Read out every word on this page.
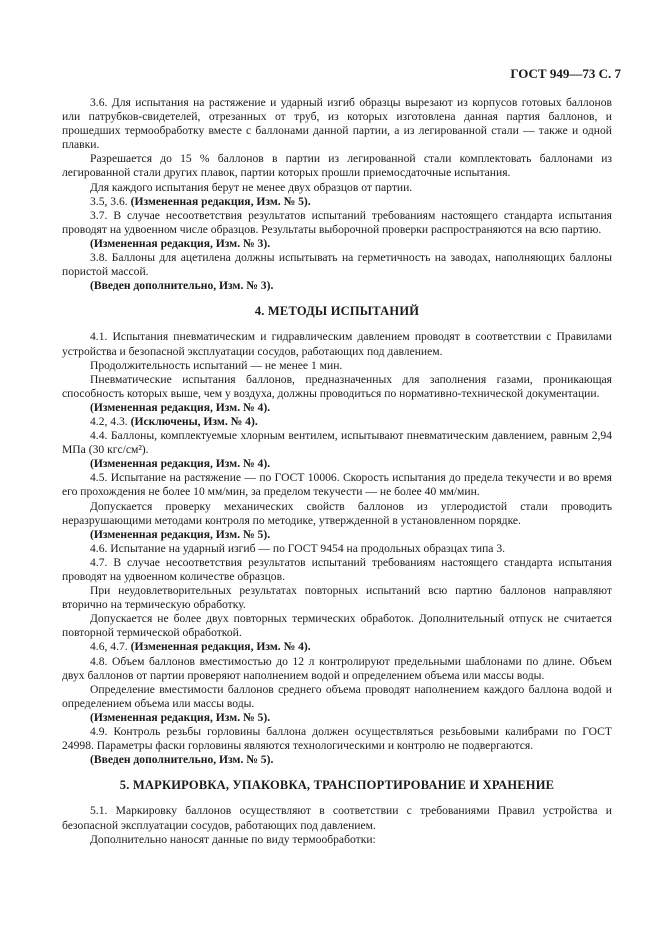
ГОСТ 949—73 С. 7

3.6. Для испытания на растяжение и ударный изгиб образцы вырезают из корпусов готовых баллонов или патрубков-свидетелей, отрезанных от труб, из которых изготовлена данная партия баллонов, и прошедших термообработку вместе с баллонами данной партии, а из легированной стали — также и одной плавки.

Разрешается до 15 % баллонов в партии из легированной стали комплектовать баллонами из легированной стали других плавок, партии которых прошли приемосдаточные испытания.

Для каждого испытания берут не менее двух образцов от партии.

3.5, 3.6. (Измененная редакция, Изм. № 5).

3.7. В случае несоответствия результатов испытаний требованиям настоящего стандарта испытания проводят на удвоенном числе образцов. Результаты выборочной проверки распространяются на всю партию.

(Измененная редакция, Изм. № 3).

3.8. Баллоны для ацетилена должны испытывать на герметичность на заводах, наполняющих баллоны пористой массой.

(Введен дополнительно, Изм. № 3).

4. МЕТОДЫ ИСПЫТАНИЙ

4.1. Испытания пневматическим и гидравлическим давлением проводят в соответствии с Правилами устройства и безопасной эксплуатации сосудов, работающих под давлением.

Продолжительность испытаний — не менее 1 мин.

Пневматические испытания баллонов, предназначенных для заполнения газами, проникающая способность которых выше, чем у воздуха, должны проводиться по нормативно-технической документации.

(Измененная редакция, Изм. № 4).

4.2, 4.3. (Исключены, Изм. № 4).

4.4. Баллоны, комплектуемые хлорным вентилем, испытывают пневматическим давлением, равным 2,94 МПа (30 кгс/см²).

(Измененная редакция, Изм. № 4).

4.5. Испытание на растяжение — по ГОСТ 10006. Скорость испытания до предела текучести и во время его прохождения не более 10 мм/мин, за пределом текучести — не более 40 мм/мин.

Допускается проверку механических свойств баллонов из углеродистой стали проводить неразрушающими методами контроля по методике, утвержденной в установленном порядке.

(Измененная редакция, Изм. № 5).

4.6. Испытание на ударный изгиб — по ГОСТ 9454 на продольных образцах типа 3.

4.7. В случае несоответствия результатов испытаний требованиям настоящего стандарта испытания проводят на удвоенном количестве образцов.

При неудовлетворительных результатах повторных испытаний всю партию баллонов направляют вторично на термическую обработку.

Допускается не более двух повторных термических обработок. Дополнительный отпуск не считается повторной термической обработкой.

4.6, 4.7. (Измененная редакция, Изм. № 4).

4.8. Объем баллонов вместимостью до 12 л контролируют предельными шаблонами по длине. Объем двух баллонов от партии проверяют наполнением водой и определением объема или массы воды.

Определение вместимости баллонов среднего объема проводят наполнением каждого баллона водой и определением объема или массы воды.

(Измененная редакция, Изм. № 5).

4.9. Контроль резьбы горловины баллона должен осуществляться резьбовыми калибрами по ГОСТ 24998. Параметры фаски горловины являются технологическими и контролю не подвергаются.

(Введен дополнительно, Изм. № 5).

5. МАРКИРОВКА, УПАКОВКА, ТРАНСПОРТИРОВАНИЕ И ХРАНЕНИЕ

5.1. Маркировку баллонов осуществляют в соответствии с требованиями Правил устройства и безопасной эксплуатации сосудов, работающих под давлением.

Дополнительно наносят данные по виду термообработки:
